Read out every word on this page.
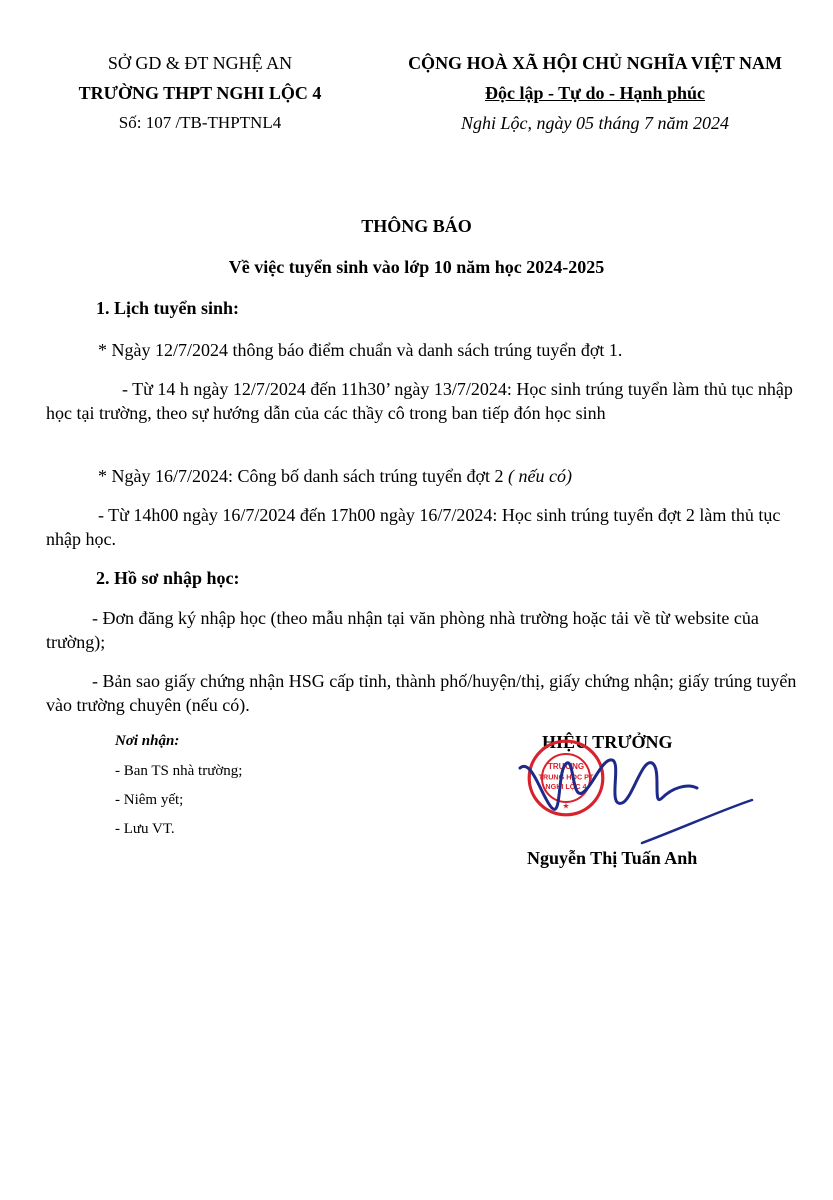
SỞ GD & ĐT NGHỆ AN
TRƯỜNG THPT NGHI LỘC 4
Số: 107 /TB-THPTNL4
CỘNG HOÀ XÃ HỘI CHỦ NGHĨA VIỆT NAM
Độc lập - Tự do - Hạnh phúc
Nghi Lộc, ngày 05 tháng 7 năm 2024
THÔNG BÁO
Về việc tuyển sinh vào lớp 10 năm học 2024-2025
1. Lịch tuyển sinh:
* Ngày 12/7/2024 thông báo điểm chuẩn và danh sách trúng tuyển đợt 1.
- Từ 14 h ngày 12/7/2024 đến 11h30’ ngày 13/7/2024: Học sinh trúng tuyển làm thủ tục nhập học tại trường, theo sự hướng dẫn của các thầy cô trong ban tiếp đón học sinh
* Ngày 16/7/2024: Công bố danh sách trúng tuyển đợt 2 ( nếu có)
- Từ 14h00 ngày 16/7/2024 đến 17h00 ngày 16/7/2024: Học sinh trúng tuyển đợt 2 làm thủ tục nhập học.
2. Hồ sơ nhập học:
- Đơn đăng ký nhập học (theo mẫu nhận tại văn phòng nhà trường hoặc tải về từ website của trường);
- Bản sao giấy chứng nhận HSG cấp tỉnh, thành phố/huyện/thị, giấy chứng nhận; giấy trúng tuyển vào trường chuyên (nếu có).
Nơi nhận:
- Ban TS nhà trường;
- Niêm yết;
- Lưu VT.
HIỆU TRƯỞNG
TRƯỜNG
TRUNG HỌC PT
NGHI LỘC 4
★
Nguyễn Thị Tuấn Anh
